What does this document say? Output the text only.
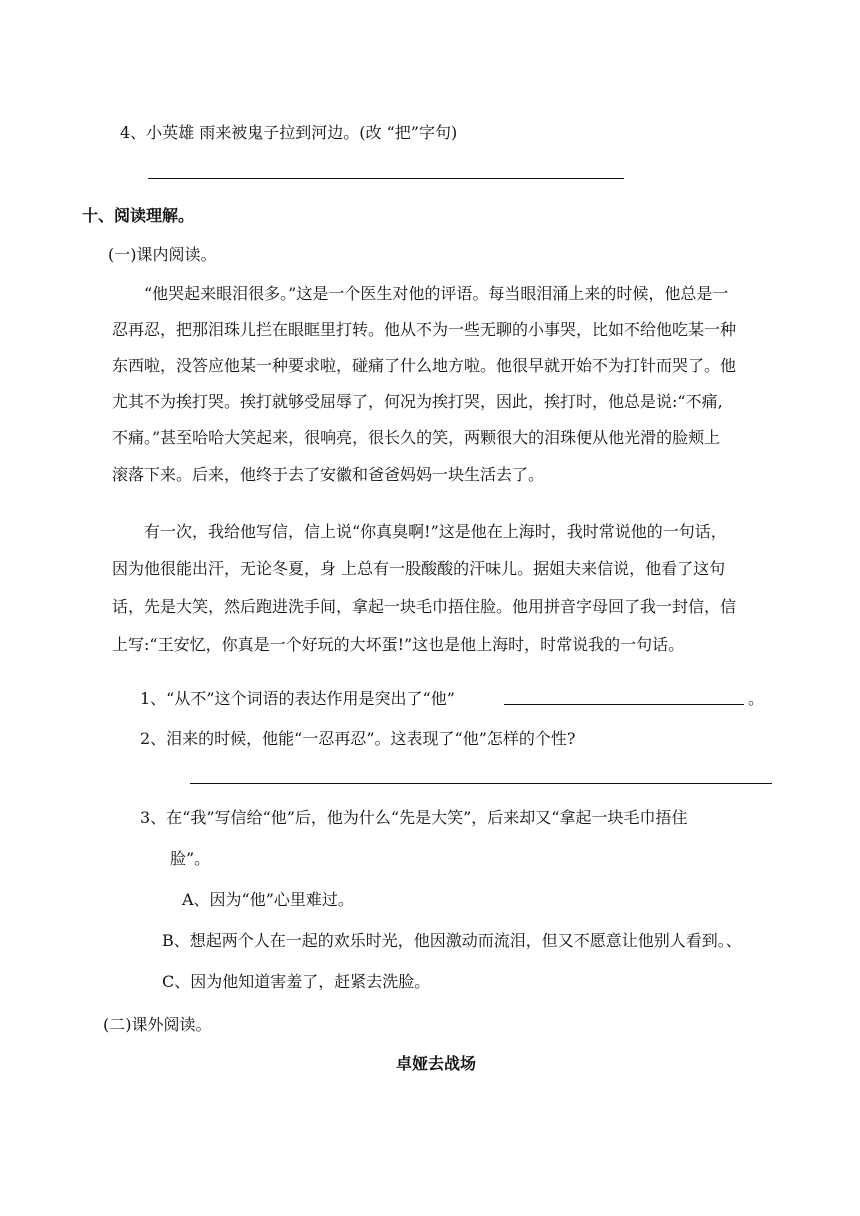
4、小英雄 雨来被鬼子拉到河边。(改 “把”字句)
十、阅读理解。
(一)课内阅读。
“他哭起来眼泪很多。”这是一个医生对他的评语。每当眼泪涌上来的时候，他总是一
忍再忍，把那泪珠儿拦在眼眶里打转。他从不为一些无聊的小事哭，比如不给他吃某一种
东西啦，没答应他某一种要求啦，碰痛了什么地方啦。他很早就开始不为打针而哭了。他
尤其不为挨打哭。挨打就够受屈辱了，何况为挨打哭，因此，挨打时，他总是说:“不痛,
不痛。”甚至哈哈大笑起来，很响亮，很长久的笑，两颗很大的泪珠便从他光滑的脸颊上
滚落下来。后来，他终于去了安徽和爸爸妈妈一块生活去了。
有一次，我给他写信，信上说“你真臭啊!”这是他在上海时，我时常说他的一句话，
因为他很能出汗，无论冬夏，身 上总有一股酸酸的汗味儿。据姐夫来信说，他看了这句
话，先是大笑，然后跑进洗手间，拿起一块毛巾捂住脸。他用拼音字母回了我一封信，信
上写:“王安忆，你真是一个好玩的大坏蛋!”这也是他上海时，时常说我的一句话。
1、“从不”这个词语的表达作用是突出了“他”	。
2、泪来的时候，他能“一忍再忍”。这表现了“他”怎样的个性?
3、在“我”写信给“他”后，他为什么“先是大笑”，后来却又“拿起一块毛巾捂住
脸”。
A、因为“他”心里难过。
B、想起两个人在一起的欢乐时光，他因激动而流泪，但又不愿意让他别人看到。、
C、因为他知道害羞了，赶紧去洗脸。
(二)课外阅读。
卓娅去战场
